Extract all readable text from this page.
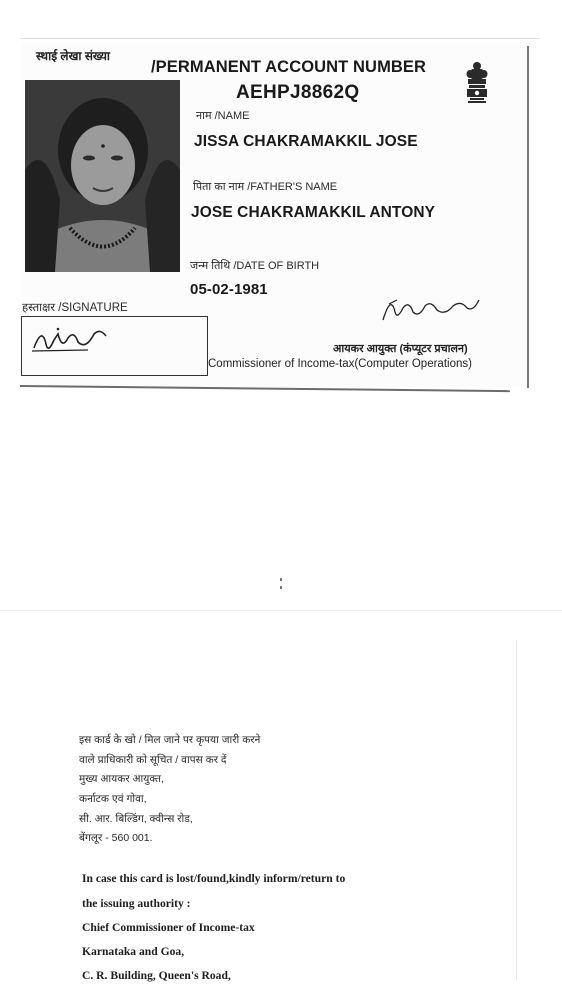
स्थाई लेखा संख्या
/PERMANENT ACCOUNT NUMBER
AEHPJ8862Q
नाम /NAME
JISSA CHAKRAMAKKIL JOSE
पिता का नाम /FATHER'S NAME
JOSE CHAKRAMAKKIL ANTONY
जन्म तिथि /DATE OF BIRTH
05-02-1981
हस्ताक्षर /SIGNATURE
आयकर आयुक्त (कंप्यूटर प्रचालन)
Commissioner of Income-tax(Computer Operations)
इस कार्ड के खो / मिल जाने पर कृपया जारी करने
वाले प्राधिकारी को सूचित / वापस कर दें
मुख्य आयकर आयुक्त,
कर्नाटक एवं गोवा,
सी. आर. बिल्डिंग, क्वीन्स रोड,
बेंगलूर - 560 001.
In case this card is lost/found,kindly inform/return to
the issuing authority :
Chief Commissioner of Income-tax
Karnataka and Goa,
C. R. Building, Queen's Road,
